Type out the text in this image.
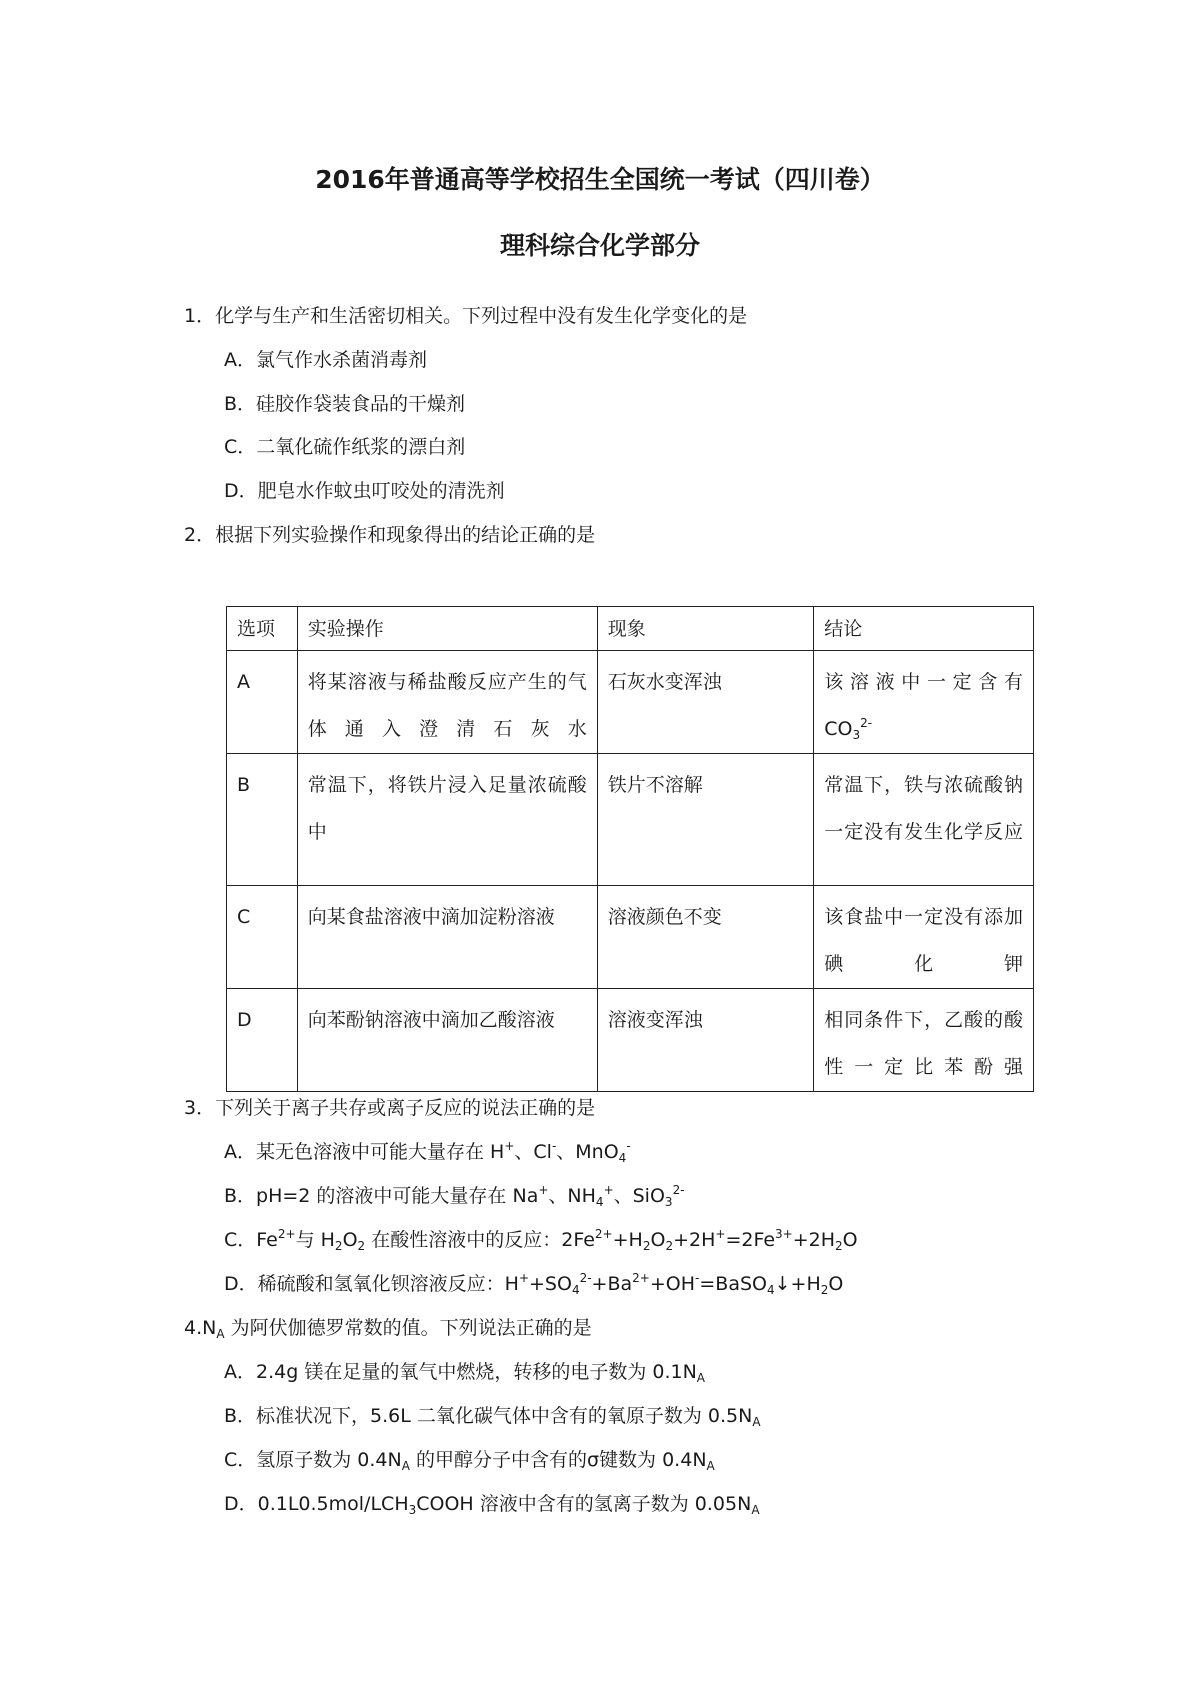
2016年普通高等学校招生全国统一考试（四川卷）
理科综合化学部分
1．化学与生产和生活密切相关。下列过程中没有发生化学变化的是
A．氯气作水杀菌消毒剂
B．硅胶作袋装食品的干燥剂
C．二氧化硫作纸浆的漂白剂
D．肥皂水作蚊虫叮咬处的清洗剂
2．根据下列实验操作和现象得出的结论正确的是
选项	实验操作	现象	结论
A	将某溶液与稀盐酸反应产生的气体通入澄清石灰水	石灰水变浑浊	该溶液中一定含有
$CO_3^{2-}$
B	常温下，将铁片浸入足量浓硫酸中	铁片不溶解	常温下，铁与浓硫酸钠一定没有发生化学反应

C	向某食盐溶液中滴加淀粉溶液	溶液颜色不变	该食盐中一定没有添加碘化钾

D	向苯酚钠溶液中滴加乙酸溶液	溶液变浑浊	相同条件下，乙酸的酸性一定比苯酚强
3．下列关于离子共存或离子反应的说法正确的是
A．某无色溶液中可能大量存在 H+、Cl-、MnO$_4$-
B．pH=2 的溶液中可能大量存在 Na+、$NH_4^+$、SiO$_3^{2-}$
C．$Fe^{2+}$与 $H_2O_2$ 在酸性溶液中的反应：$2Fe^{2+}+H_2O_2+2H^+=2Fe^{3+}+2H_2O$
D．稀硫酸和氢氧化钡溶液反应：$H^++SO_4^{2-}+Ba^{2+}+OH^-=BaSO_4↓+H_2O$
$4.N_A$ 为阿伏伽德罗常数的值。下列说法正确的是
A．2.4g 镁在足量的氧气中燃烧，转移的电子数为 $0.1N_A$
B．标准状况下，5.6L 二氧化碳气体中含有的氧原子数为 $0.5N_A$
C．氢原子数为 $0.4N_A$ 的甲醇分子中含有的σ键数为 $0.4N_A$
D．$0.1L0.5mol/LCH_3COOH$ 溶液中含有的氢离子数为 $0.05N_A$
